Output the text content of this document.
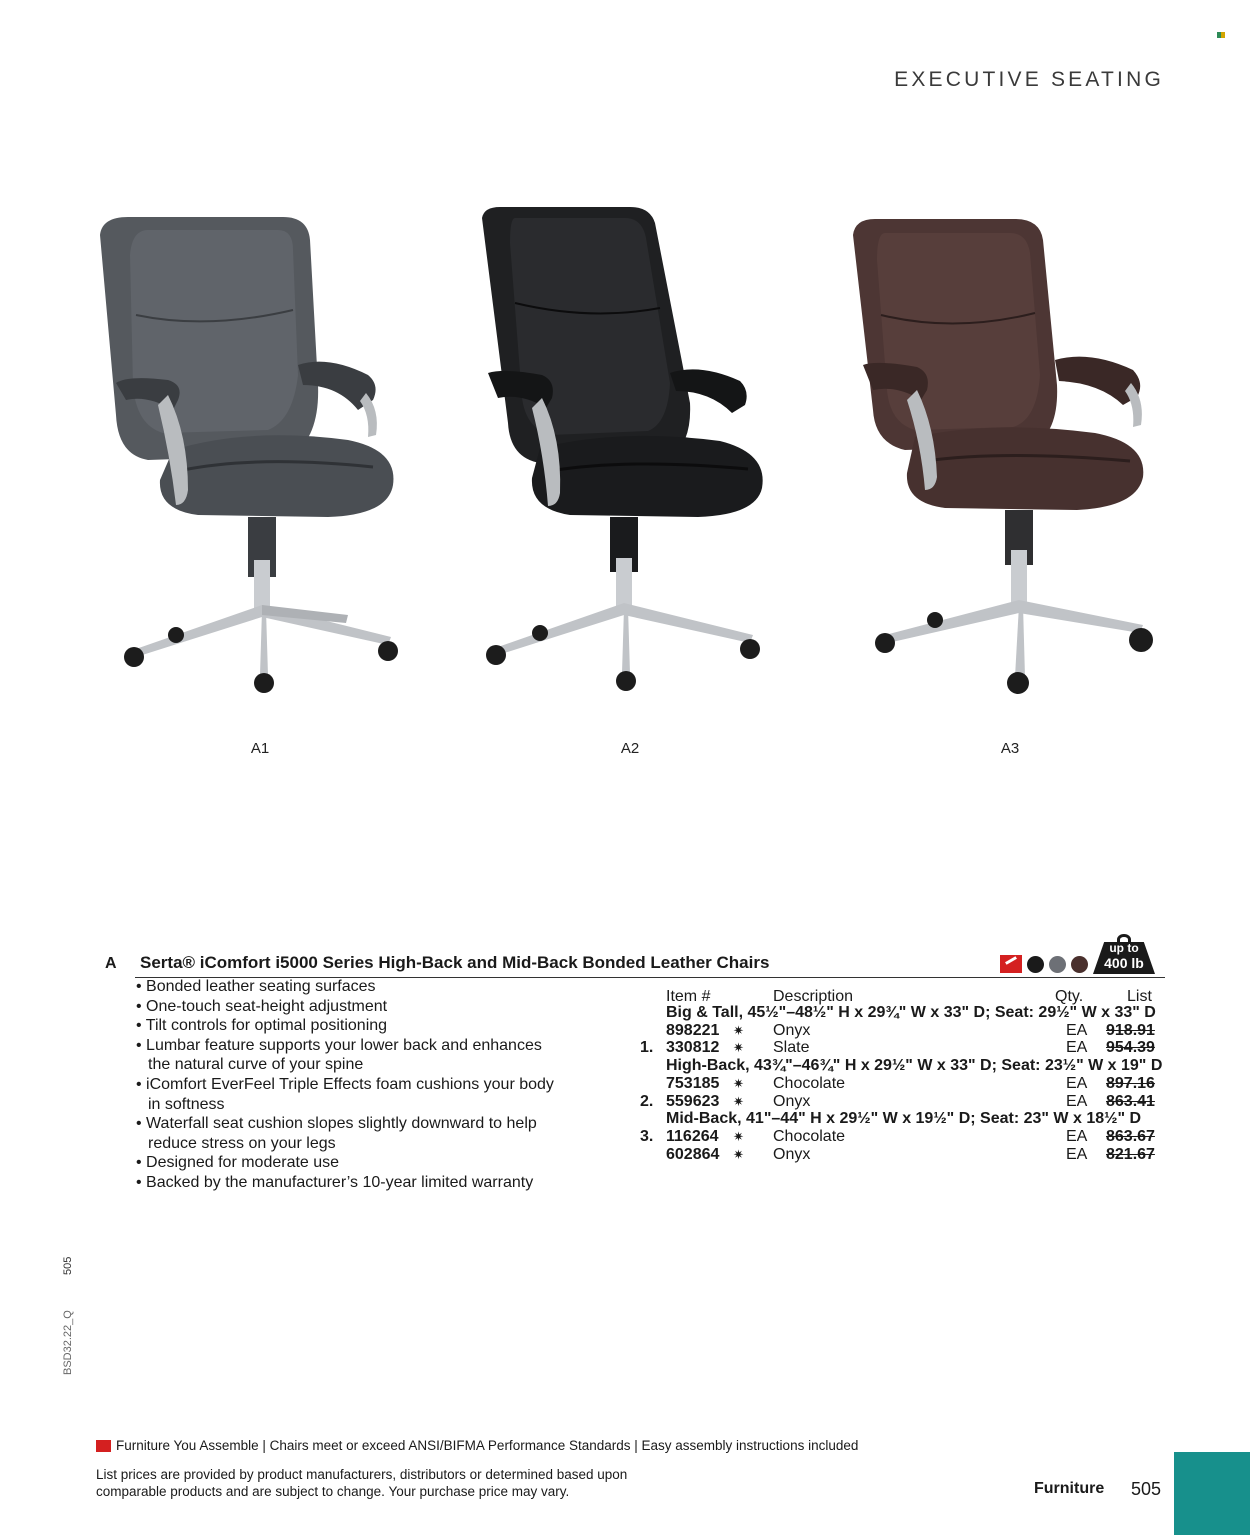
EXECUTIVE SEATING
A1	A2	A3
A Serta® iComfort i5000 Series High-Back and Mid-Back Bonded Leather Chairs
up to
400 lb
• Bonded leather seating surfaces
• One-touch seat-height adjustment
• Tilt controls for optimal positioning
• Lumbar feature supports your lower back and enhances
the natural curve of your spine
• iComfort EverFeel Triple Effects foam cushions your body
in softness
• Waterfall seat cushion slopes slightly downward to help
reduce stress on your legs
• Designed for moderate use
• Backed by the manufacturer’s 10-year limited warranty
Item #	Description	Qty.	List
Big & Tall, 45½"–48½" H x 29¾" W x 33" D; Seat: 29½" W x 33" D
898221 ✷ Onyx	EA 918.91
1. 330812 ✷ Slate	EA 954.39
High-Back, 43¾"–46¾" H x 29½" W x 33" D; Seat: 23½" W x 19" D
753185 ✷ Chocolate	EA 897.16
2. 559623 ✷ Onyx	EA 863.41
Mid-Back, 41"–44" H x 29½" W x 19½" D; Seat: 23" W x 18½" D
3. 116264 ✷ Chocolate	EA 863.67
602864 ✷ Onyx	EA 821.67
505
BSD32.22_Q
Furniture You Assemble | Chairs meet or exceed ANSI/BIFMA Performance Standards | Easy assembly instructions included
List prices are provided by product manufacturers, distributors or determined based upon comparable products and are subject to change. Your purchase price may vary.	Furniture 505
